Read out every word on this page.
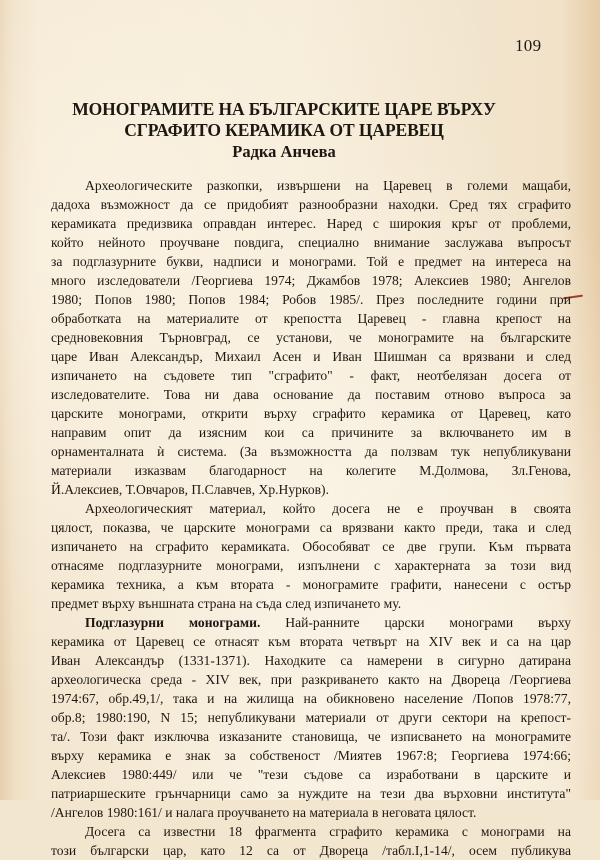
109
МОНОГРАМИТЕ НА БЪЛГАРСКИТЕ ЦАРЕ ВЪРХУ
СГРАФИТО КЕРАМИКА ОТ ЦАРЕВЕЦ
Радка Анчева
Археологическите разкопки, извършени на Царевец в големи мащаби,
дадоха възможност да се придобият разнообразни находки. Сред тях сграфито
керамиката предизвика оправдан интерес. Наред с широкия кръг от проблеми,
който нейното проучване повдига, специално внимание заслужава въпросът
за подглазурните букви, надписи и монограми. Той е предмет на интереса на
много изследователи /Георгиева 1974; Джамбов 1978; Алексиев 1980; Ангелов
1980; Попов 1980; Попов 1984; Робов 1985/. През последните години при
обработката на материалите от крепостта Царевец - главна крепост на
средновековния Търновград, се установи, че монограмите на българските
царе Иван Александър, Михаил Асен и Иван Шишман са врязвани и след
изпичането на съдовете тип "сграфито" - факт, неотбелязан досега от
изследователите. Това ни дава основание да поставим отново въпроса за
царските монограми, открити върху сграфито керамика от Царевец, като
направим опит да изясним кои са причините за включването им в
орнаменталната ѝ система. (За възможността да ползвам тук непубликувани
материали изказвам благодарност на колегите М.Долмова, Зл.Генова,
Й.Алексиев, Т.Овчаров, П.Славчев, Хр.Нурков).
Археологическият материал, който досега не е проучван в своята
цялост, показва, че царските монограми са врязвани както преди, така и след
изпичането на сграфито керамиката. Обособяват се две групи. Към първата
отнасяме подглазурните монограми, изпълнени с характерната за този вид
керамика техника, а към втората - монограмите графити, нанесени с остър
предмет върху външната страна на съда след изпичането му.
Подглазурни монограми. Най-ранните царски монограми върху
керамика от Царевец се отнасят към втората четвърт на XIV век и са на цар
Иван Александър (1331-1371). Находките са намерени в сигурно датирана
археологическа среда - XIV век, при разкриването както на Двореца /Георгиева
1974:67, обр.49,1/, така и на жилища на обикновено население /Попов 1978:77,
обр.8; 1980:190, N 15; непубликувани материали от други сектори на крепост-
та/. Този факт изключва изказаните становища, че изписването на монограмите
върху керамика е знак за собственост /Миятев 1967:8; Георгиева 1974:66;
Алексиев 1980:449/ или че "тези съдове са изработвани в царските и
патриаршеските грънчарници само за нуждите на тези два върховни института"
/Ангелов 1980:161/ и налага проучването на материала в неговата цялост.
Досега са известни 18 фрагмента сграфито керамика с монограми на
този български цар, като 12 са от Двореца /табл.I,1-14/, осем публикува
